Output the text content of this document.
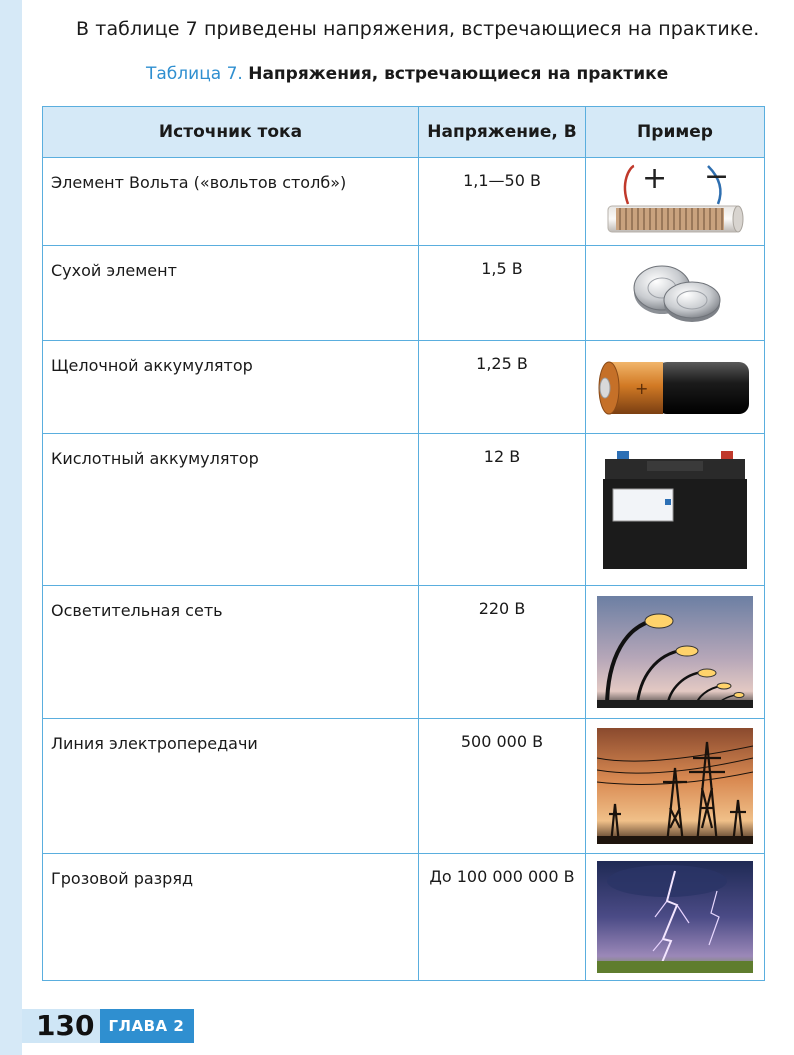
В таблице 7 приведены напряжения, встречающиеся на практике.
Таблица 7. Напряжения, встречающиеся на практике
Источник тока	Напряжение, В	Пример
Элемент Вольта («вольтов столб»)	1,1—50 В	+ −

Сухой элемент	1,5 В	

Щелочной аккумулятор	1,25 В	+

Кислотный аккумулятор	12 В	

Осветительная сеть	220 В	

Линия электропередачи	500 000 В	

Грозовой разряд	До 100 000 000 В	
130 ГЛАВА 2
